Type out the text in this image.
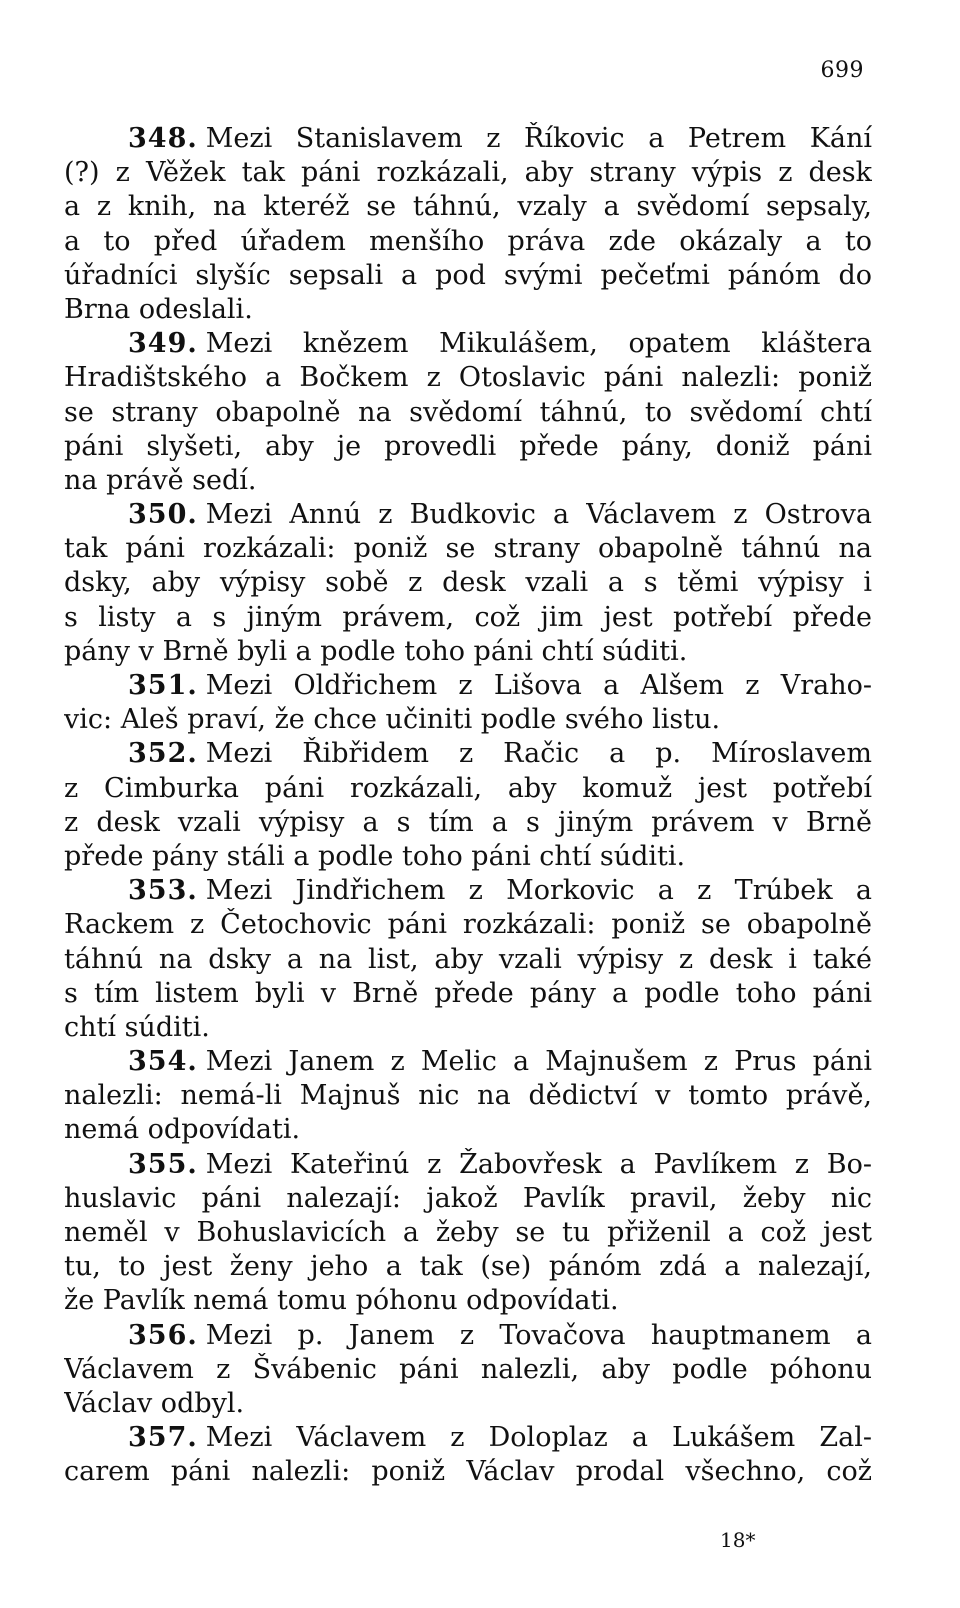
699
348. Mezi Stanislavem z Říkovic a Petrem Kání
(?) z Věžek tak páni rozkázali, aby strany výpis z desk
a z knih, na kteréž se táhnú, vzaly a svědomí sepsaly,
a to před úřadem menšího práva zde okázaly a to
úřadníci slyšíc sepsali a pod svými pečeťmi pánóm do
Brna odeslali.
349. Mezi knězem Mikulášem, opatem kláštera
Hradištského a Bočkem z Otoslavic páni nalezli: poniž
se strany obapolně na svědomí táhnú, to svědomí chtí
páni slyšeti, aby je provedli přede pány, doniž páni
na právě sedí.
350. Mezi Annú z Budkovic a Václavem z Ostrova
tak páni rozkázali: poniž se strany obapolně táhnú na
dsky, aby výpisy sobě z desk vzali a s těmi výpisy i
s listy a s jiným právem, což jim jest potřebí přede
pány v Brně byli a podle toho páni chtí súditi.
351. Mezi Oldřichem z Lišova a Alšem z Vraho-
vic: Aleš praví, že chce učiniti podle svého listu.
352. Mezi Řibřidem z Račic a p. Míroslavem
z Cimburka páni rozkázali, aby komuž jest potřebí
z desk vzali výpisy a s tím a s jiným právem v Brně
přede pány stáli a podle toho páni chtí súditi.
353. Mezi Jindřichem z Morkovic a z Trúbek a
Rackem z Četochovic páni rozkázali: poniž se obapolně
táhnú na dsky a na list, aby vzali výpisy z desk i také
s tím listem byli v Brně přede pány a podle toho páni
chtí súditi.
354. Mezi Janem z Melic a Majnušem z Prus páni
nalezli: nemá-li Majnuš nic na dědictví v tomto právě,
nemá odpovídati.
355. Mezi Kateřinú z Žabovřesk a Pavlíkem z Bo-
huslavic páni nalezají: jakož Pavlík pravil, žeby nic
neměl v Bohuslavicích a žeby se tu přiženil a což jest
tu, to jest ženy jeho a tak (se) pánóm zdá a nalezají,
že Pavlík nemá tomu póhonu odpovídati.
356. Mezi p. Janem z Tovačova hauptmanem a
Václavem z Švábenic páni nalezli, aby podle póhonu
Václav odbyl.
357. Mezi Václavem z Doloplaz a Lukášem Zal-
carem páni nalezli: poniž Václav prodal všechno, což
18*
